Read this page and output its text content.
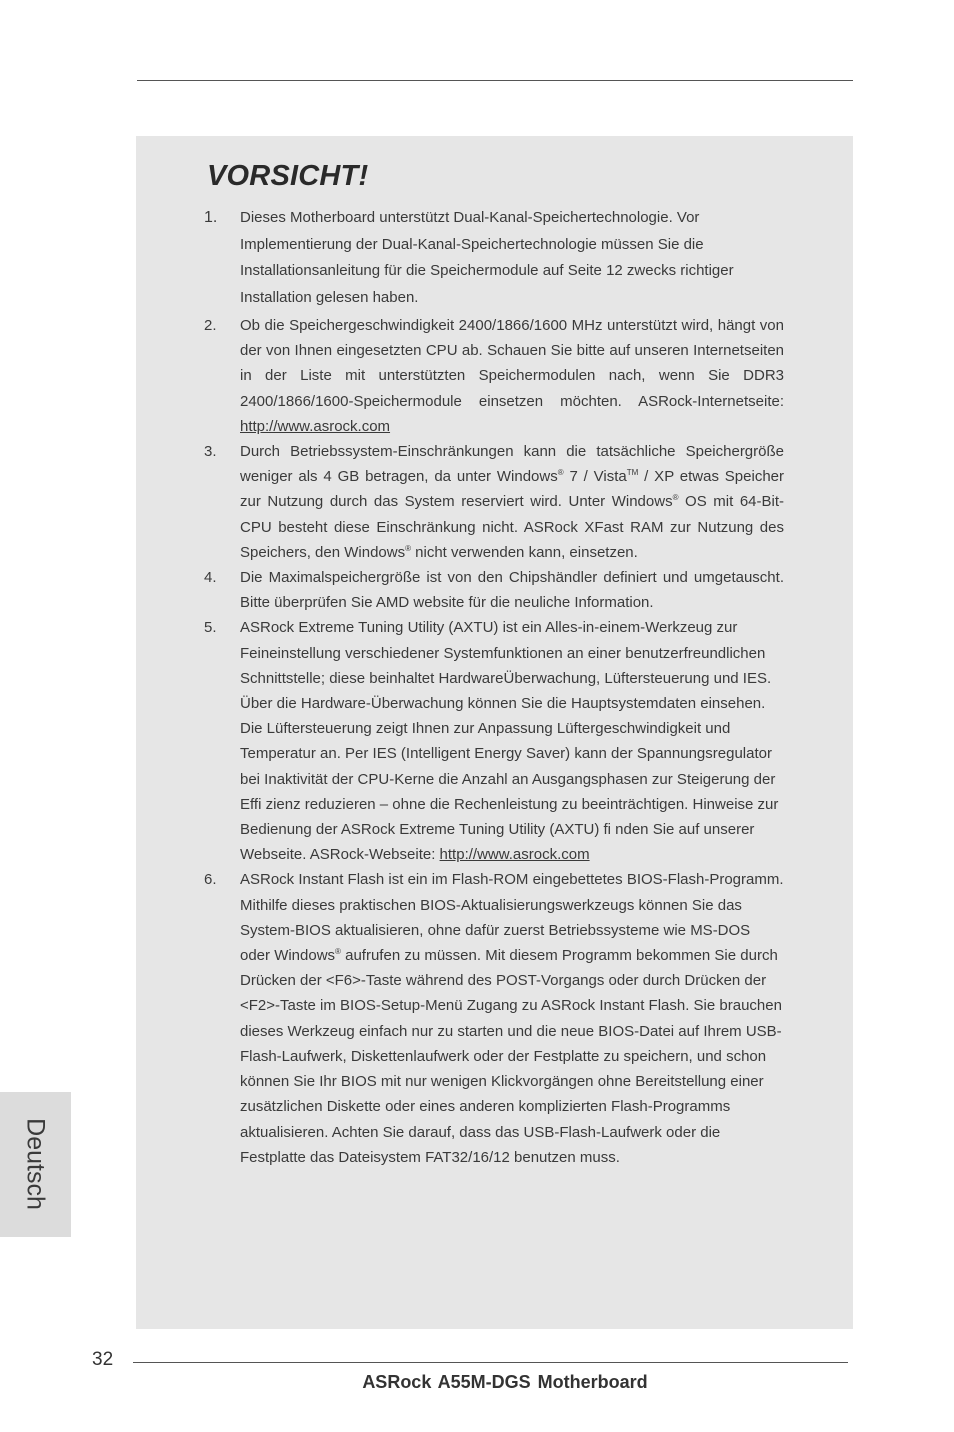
VORSICHT!
1. Dieses Motherboard unterstützt Dual-Kanal-Speichertechnologie. Vor Implementierung der Dual-Kanal-Speichertechnologie müssen Sie die Installationsanleitung für die Speichermodule auf Seite 12 zwecks richtiger Installation gelesen haben.
2. Ob die Speichergeschwindigkeit 2400/1866/1600 MHz unterstützt wird, hängt von der von Ihnen eingesetzten CPU ab. Schauen Sie bitte auf unseren Internetseiten in der Liste mit unterstützten Speichermodulen nach, wenn Sie DDR3 2400/1866/1600-Speichermodule einsetzen möchten. ASRock-Internetseite: http://www.asrock.com
3. Durch Betriebssystem-Einschränkungen kann die tatsächliche Speichergröße weniger als 4 GB betragen, da unter Windows® 7 / Vista™ / XP etwas Speicher zur Nutzung durch das System reserviert wird. Unter Windows® OS mit 64-Bit-CPU besteht diese Einschränkung nicht. ASRock XFast RAM zur Nutzung des Speichers, den Windows® nicht verwenden kann, einsetzen.
4. Die Maximalspeichergröße ist von den Chipshändler definiert und umgetauscht. Bitte überprüfen Sie AMD website für die neuliche Information.
5. ASRock Extreme Tuning Utility (AXTU) ist ein Alles-in-einem-Werkzeug zur Feineinstellung verschiedener Systemfunktionen an einer benutzerfreundlichen Schnittstelle; diese beinhaltet HardwareÜberwachung, Lüftersteuerung und IES. Über die Hardware-Überwachung können Sie die Hauptsystemdaten einsehen. Die Lüftersteuerung zeigt Ihnen zur Anpassung Lüftergeschwindigkeit und Temperatur an. Per IES (Intelligent Energy Saver) kann der Spannungsregulator bei Inaktivität der CPU-Kerne die Anzahl an Ausgangsphasen zur Steigerung der Effi zienz reduzieren – ohne die Rechenleistung zu beeinträchtigen. Hinweise zur Bedienung der ASRock Extreme Tuning Utility (AXTU) fi nden Sie auf unserer Webseite. ASRock-Webseite: http://www.asrock.com
6. ASRock Instant Flash ist ein im Flash-ROM eingebettetes BIOS-Flash-Programm. Mithilfe dieses praktischen BIOS-Aktualisierungswerkzeugs können Sie das System-BIOS aktualisieren, ohne dafür zuerst Betriebssysteme wie MS-DOS oder Windows® aufrufen zu müssen. Mit diesem Programm bekommen Sie durch Drücken der <F6>-Taste während des POST-Vorgangs oder durch Drücken der <F2>-Taste im BIOS-Setup-Menü Zugang zu ASRock Instant Flash. Sie brauchen dieses Werkzeug einfach nur zu starten und die neue BIOS-Datei auf Ihrem USB-Flash-Laufwerk, Diskettenlaufwerk oder der Festplatte zu speichern, und schon können Sie Ihr BIOS mit nur wenigen Klickvorgängen ohne Bereitstellung einer zusätzlichen Diskette oder eines anderen komplizierten Flash-Programms aktualisieren. Achten Sie darauf, dass das USB-Flash-Laufwerk oder die Festplatte das Dateisystem FAT32/16/12 benutzen muss.
Deutsch
32
ASRock A55M-DGS Motherboard
